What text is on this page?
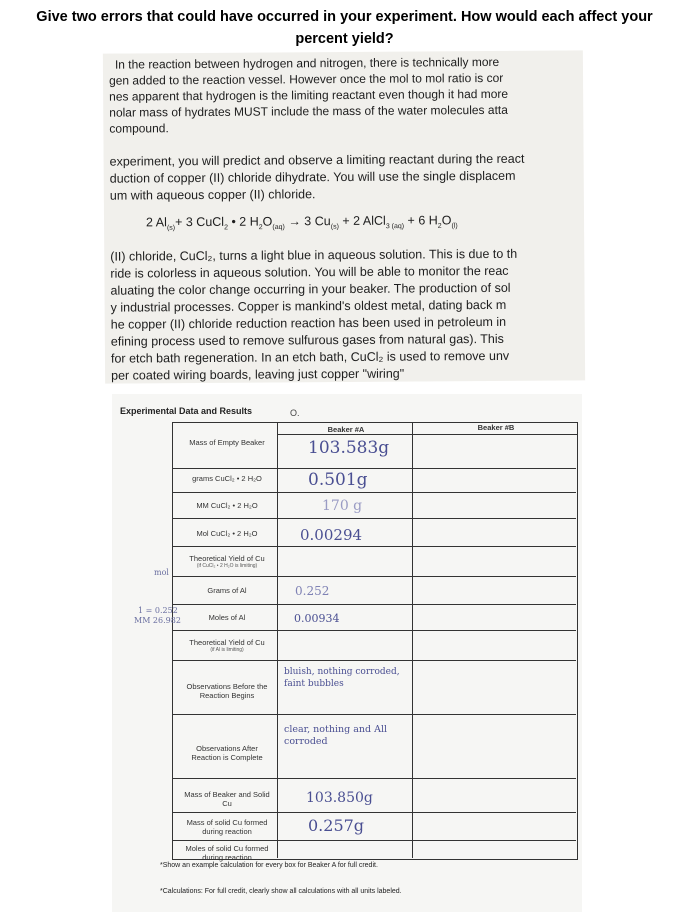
Give two errors that could have occurred in your experiment. How would each affect your
percent yield?

In the reaction between hydrogen and nitrogen, there is technically more

gen added to the reaction vessel. However once the mol to mol ratio is cor

nes apparent that hydrogen is the limiting reactant even though it had more

nolar mass of hydrates MUST include the mass of the water molecules atta

compound.

experiment, you will predict and observe a limiting reactant during the react

duction of copper (II) chloride dihydrate. You will use the single displacem

um with aqueous copper (II) chloride.

2 $Al_{(s)}+ 3$ CuCl$_2$ • 2 $H_2O_{(aq)} \to 3$ $Cu_{(s)} + 2$ AlCl$_{3 (aq)}$ + 6 $H_2O_{(l)}$

(II) chloride, CuCl₂, turns a light blue in aqueous solution. This is due to th

ride is colorless in aqueous solution. You will be able to monitor the reac

aluating the color change occurring in your beaker. The production of sol

y industrial processes. Copper is mankind's oldest metal, dating back m

he copper (II) chloride reduction reaction has been used in petroleum in

efining process used to remove sulfurous gases from natural gas). This

for etch bath regeneration. In an etch bath, CuCl₂ is used to remove unv

per coated wiring boards, leaving just copper "wiring"

Experimental Data and Results	O.
Beaker #A	Beaker #B
Mass of Empty Beaker
grams CuCl₂ • 2 H₂O
MM CuCl₂ • 2 H₂O
Mol CuCl₂ • 2 H₂O
Theoretical Yield of Cu
(if CuCl₂ • 2 H₂O is limiting)
Grams of Al
Moles of Al
Theoretical Yield of Cu
(if Al is limiting)
Observations Before the Reaction Begins
Observations After Reaction is Complete
Mass of Beaker and Solid Cu
Mass of solid Cu formed during reaction
Moles of solid Cu formed during reaction
103.583g
0.501g
170 g
0.00294
0.252
0.00934
bluish, nothing corroded, faint bubbles
clear, nothing and All corroded
103.850g
0.257g
mol
1 = 0.252
MM 26.982
*Show an example calculation for every box for Beaker A for full credit.
*Calculations: For full credit, clearly show all calculations with all units labeled.
